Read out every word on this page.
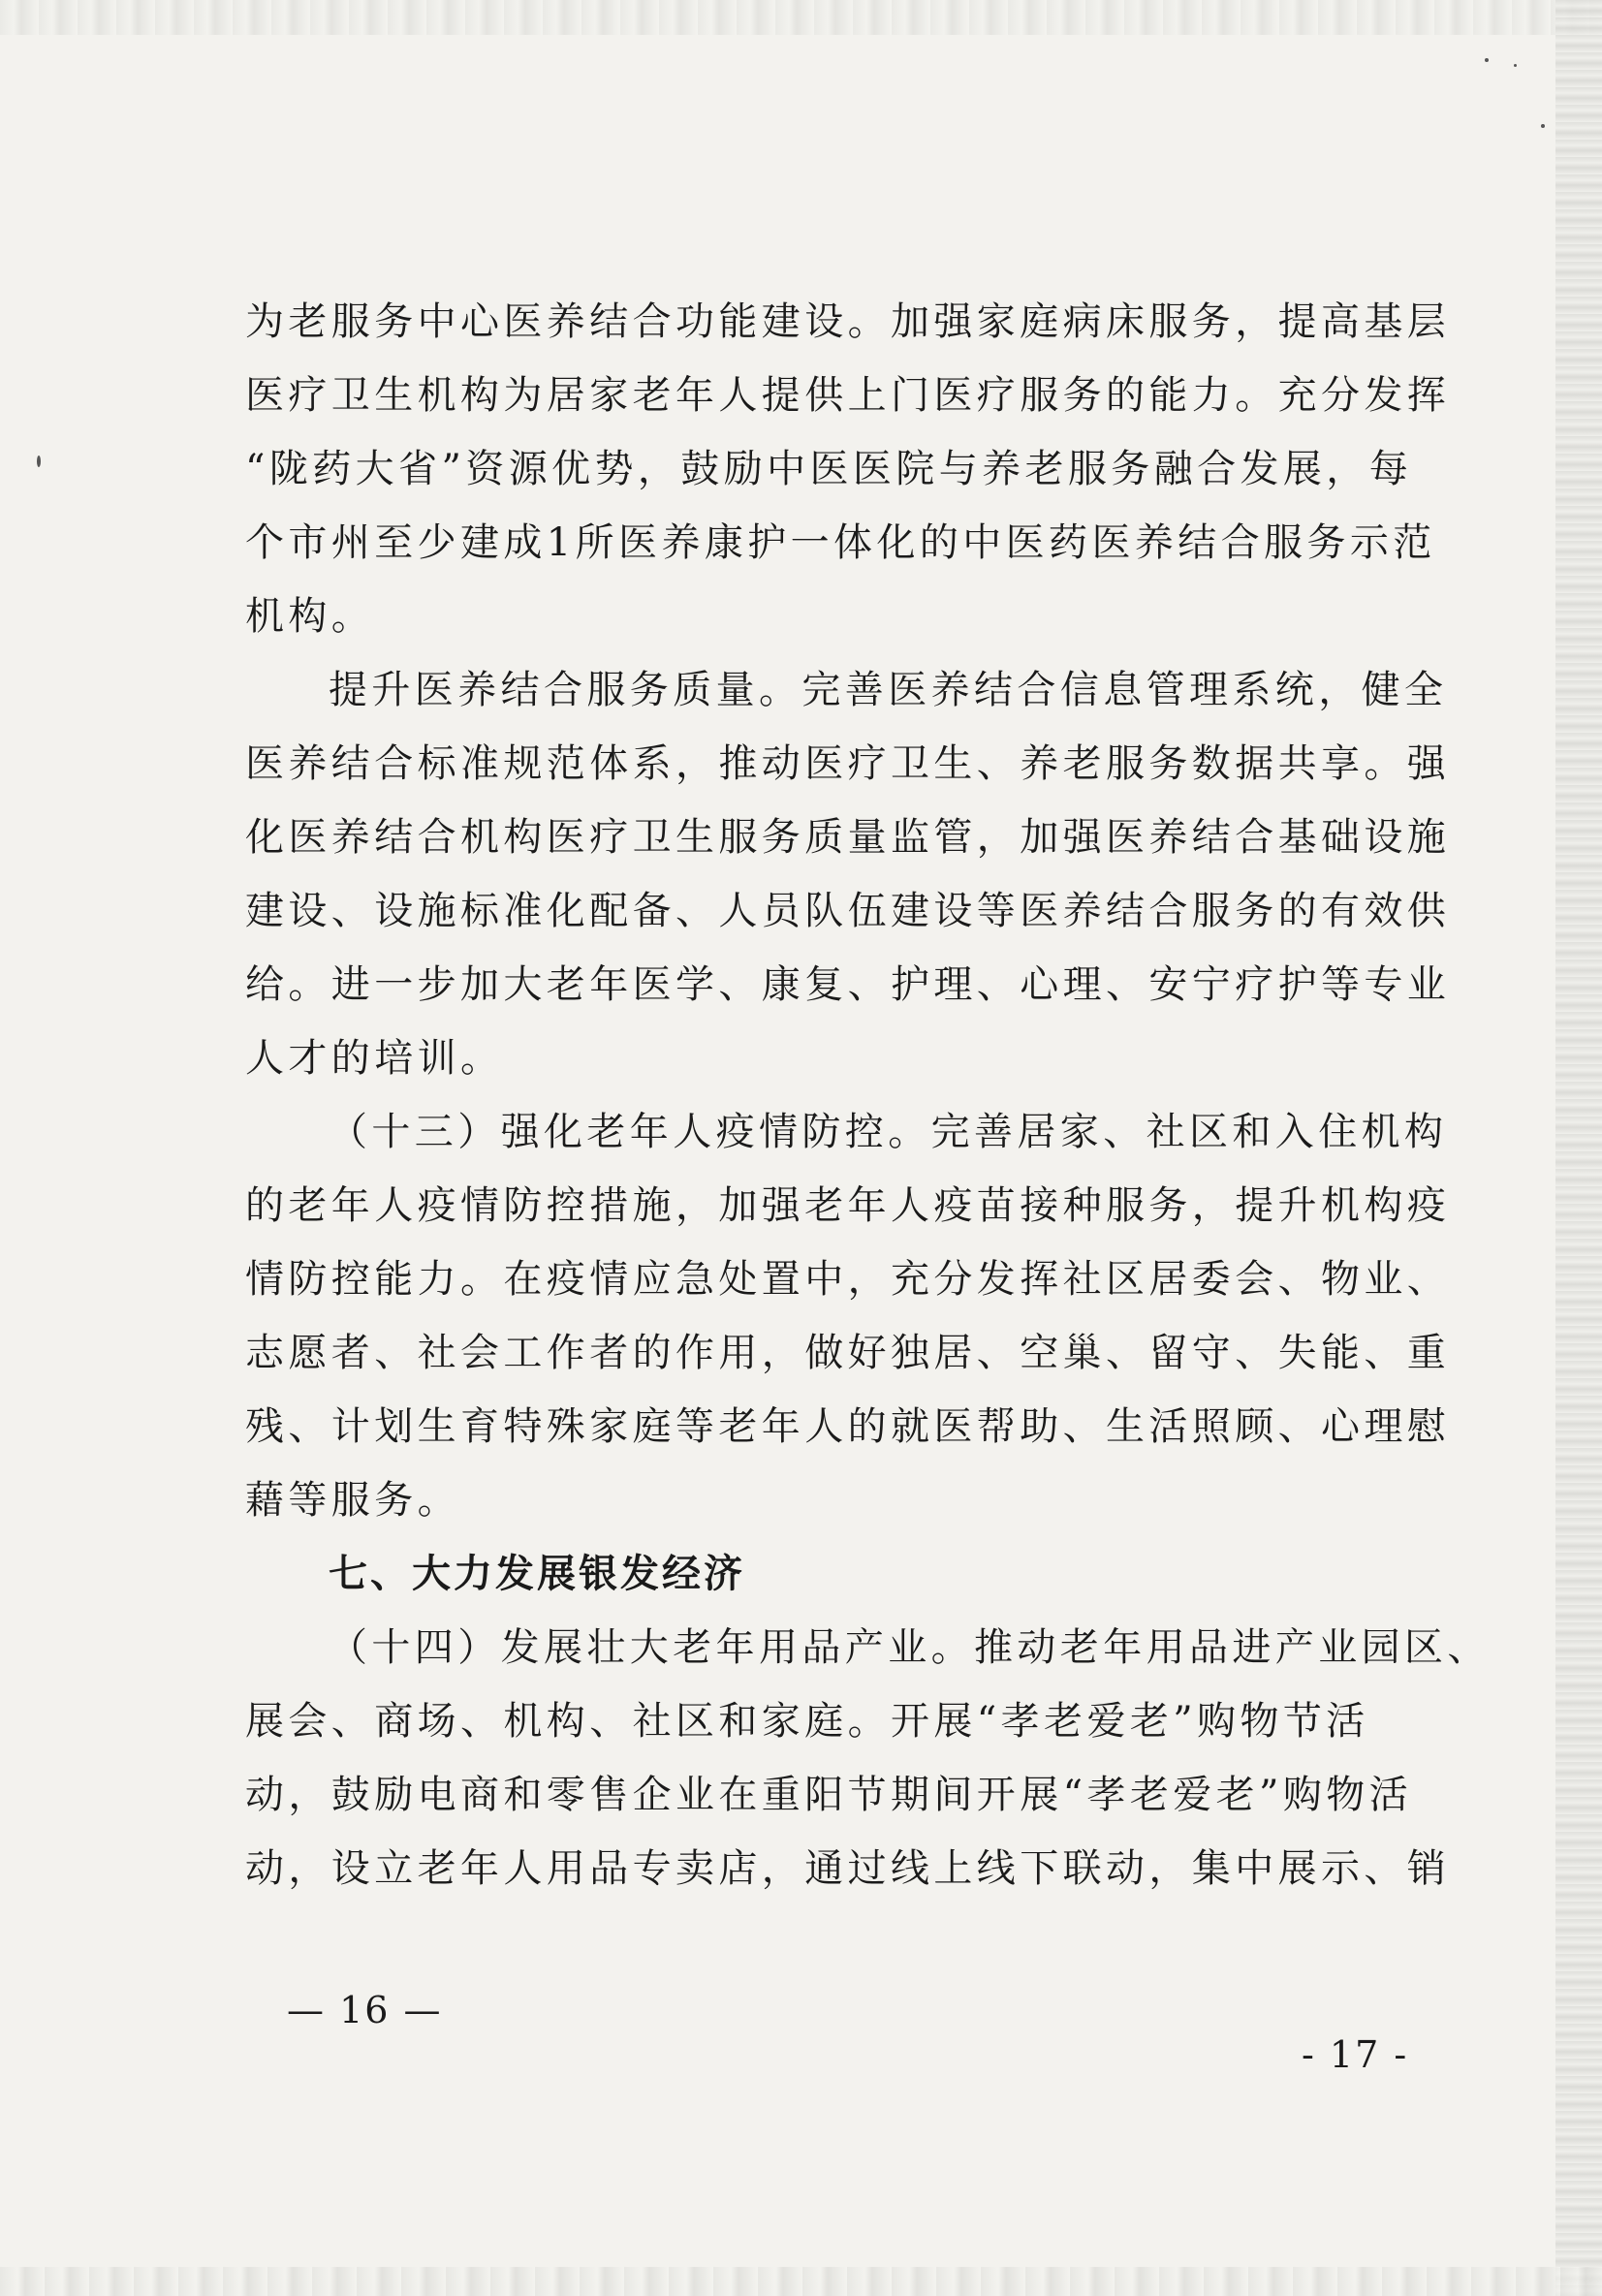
为老服务中心医养结合功能建设。加强家庭病床服务，提高基层
医疗卫生机构为居家老年人提供上门医疗服务的能力。充分发挥
“陇药大省”资源优势，鼓励中医医院与养老服务融合发展，每
个市州至少建成1所医养康护一体化的中医药医养结合服务示范
机构。
提升医养结合服务质量。完善医养结合信息管理系统，健全
医养结合标准规范体系，推动医疗卫生、养老服务数据共享。强
化医养结合机构医疗卫生服务质量监管，加强医养结合基础设施
建设、设施标准化配备、人员队伍建设等医养结合服务的有效供
给。进一步加大老年医学、康复、护理、心理、安宁疗护等专业
人才的培训。
（十三）强化老年人疫情防控。完善居家、社区和入住机构
的老年人疫情防控措施，加强老年人疫苗接种服务，提升机构疫
情防控能力。在疫情应急处置中，充分发挥社区居委会、物业、
志愿者、社会工作者的作用，做好独居、空巢、留守、失能、重
残、计划生育特殊家庭等老年人的就医帮助、生活照顾、心理慰
藉等服务。
七、大力发展银发经济
（十四）发展壮大老年用品产业。推动老年用品进产业园区、
展会、商场、机构、社区和家庭。开展“孝老爱老”购物节活
动，鼓励电商和零售企业在重阳节期间开展“孝老爱老”购物活
动，设立老年人用品专卖店，通过线上线下联动，集中展示、销
— 16 —
- 17 -
